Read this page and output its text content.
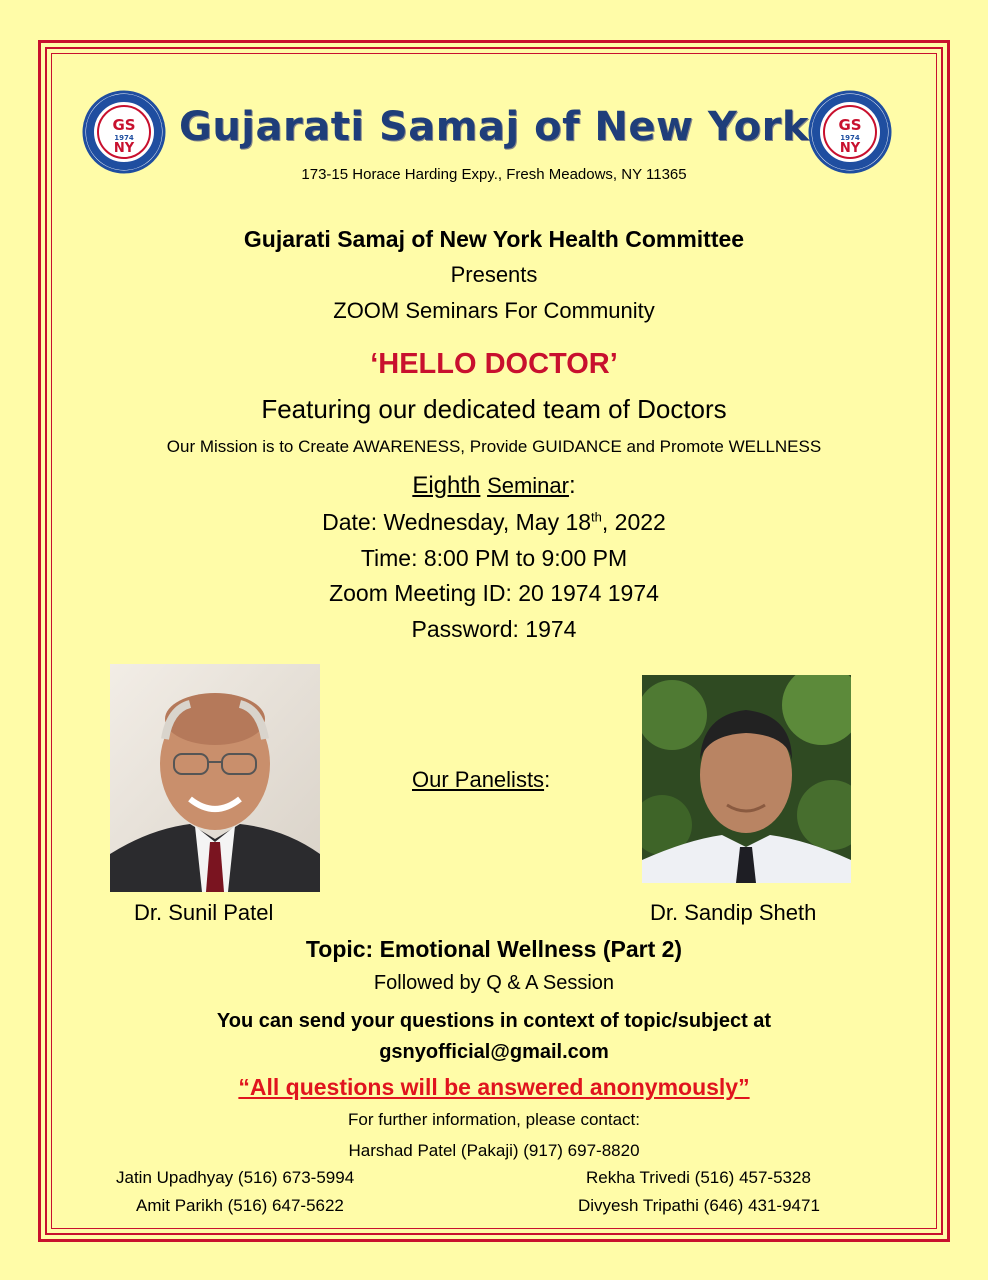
GS
1974
NY	Gujarati Samaj of New York	GS
1974
NY
173-15 Horace Harding Expy., Fresh Meadows, NY 11365
Gujarati Samaj of New York Health Committee
Presents
ZOOM Seminars For Community
‘HELLO DOCTOR’
Featuring our dedicated team of Doctors
Our Mission is to Create AWARENESS, Provide GUIDANCE and Promote WELLNESS
Eighth Seminar:
Date: Wednesday, May 18th, 2022
Time: 8:00 PM to 9:00 PM
Zoom Meeting ID: 20 1974 1974
Password: 1974
Our Panelists:
Dr. Sunil Patel	Dr. Sandip Sheth
Topic: Emotional Wellness (Part 2)
Followed by Q & A Session
You can send your questions in context of topic/subject at
gsnyofficial@gmail.com
“All questions will be answered anonymously”
For further information, please contact:
Harshad Patel (Pakaji) (917) 697-8820
Jatin Upadhyay (516) 673-5994
Amit Parikh (516) 647-5622
Rekha Trivedi (516) 457-5328
Divyesh Tripathi (646) 431-9471
